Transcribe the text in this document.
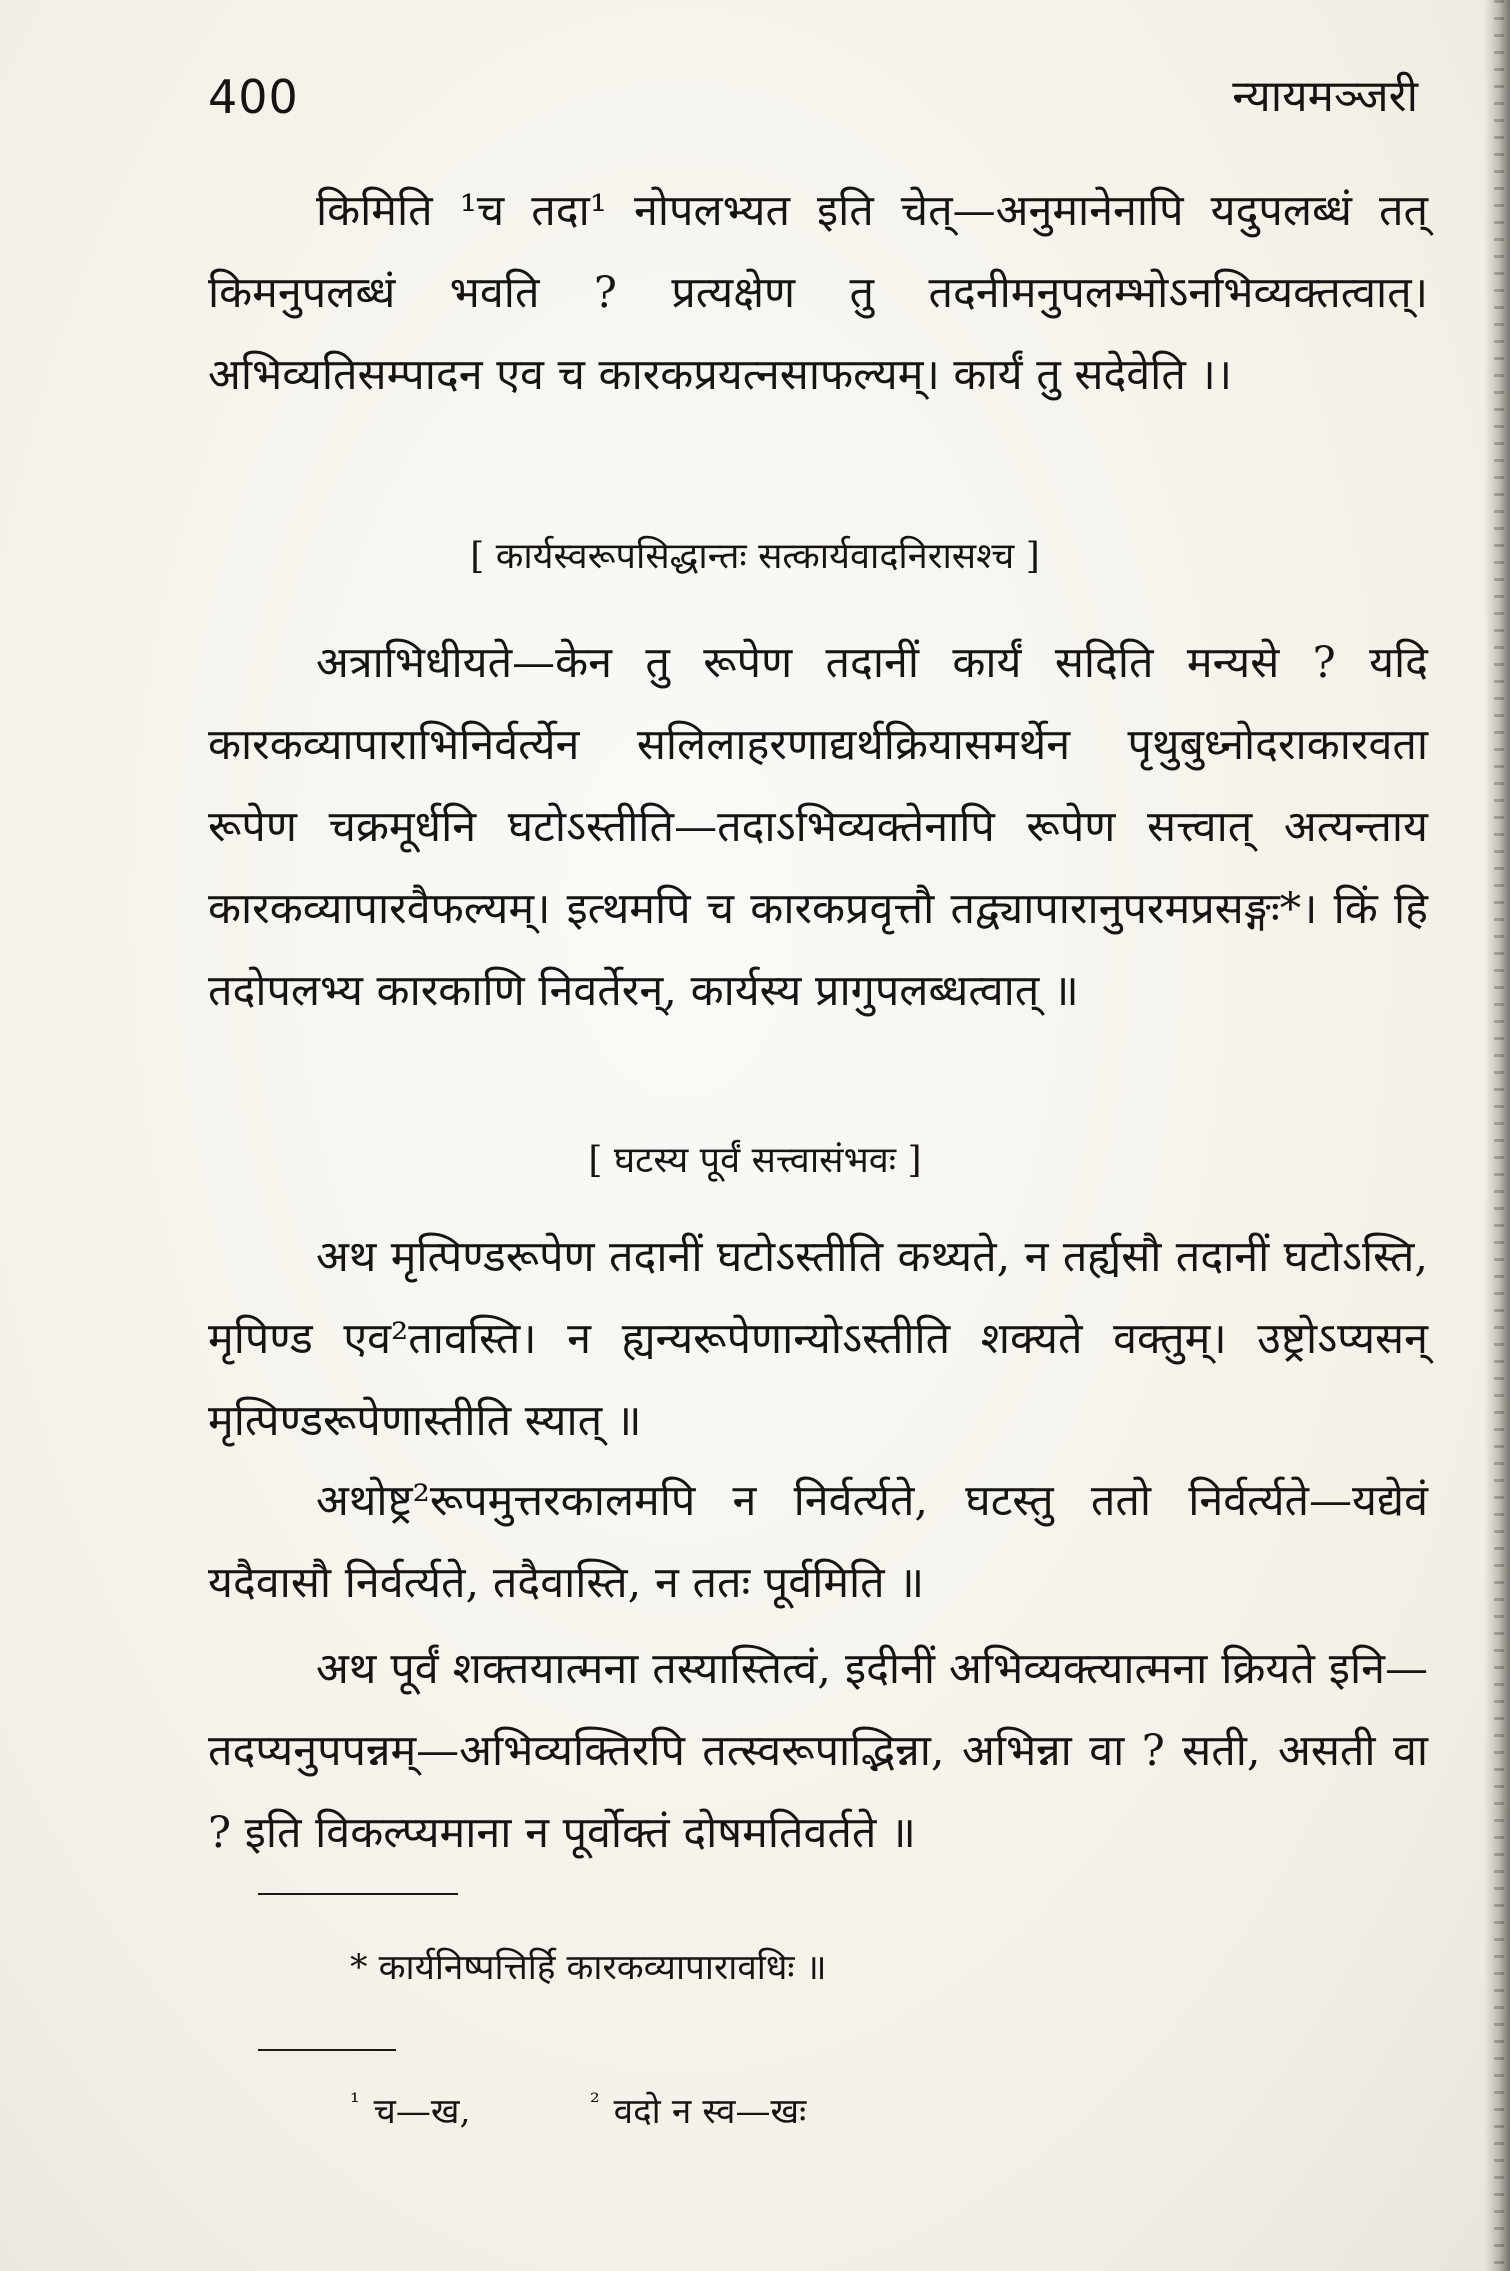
400	न्यायमञ्जरी

किमिति ¹च तदा¹ नोपलभ्यत इति चेत्—अनुमानेनापि यदुपलब्धं तत् किमनुपलब्धं भवति ? प्रत्यक्षेण तु तदनीमनुपलम्भोऽनभिव्यक्तत्वात्। अभिव्यतिसम्पादन एव च कारकप्रयत्नसाफल्यम्। कार्यं तु सदेवेति ।।

[ कार्यस्वरूपसिद्धान्तः सत्कार्यवादनिरासश्च ]

अत्राभिधीयते—केन तु रूपेण तदानीं कार्यं सदिति मन्यसे ? यदि कारकव्यापाराभिनिर्वर्त्येन सलिलाहरणाद्यर्थक्रियासमर्थेन पृथुबुध्नोदराकारवता रूपेण चक्रमूर्धनि घटोऽस्तीति—तदाऽभिव्यक्तेनापि रूपेण सत्त्वात् अत्यन्ताय कारकव्यापारवैफल्यम्। इत्थमपि च कारकप्रवृत्तौ तद्व्यापारानुपरमप्रसङ्गः*। किं हि तदोपलभ्य कारकाणि निवर्तेरन्, कार्यस्य प्रागुपलब्धत्वात् ॥

[ घटस्य पूर्वं सत्त्वासंभवः ]

अथ मृत्पिण्डरूपेण तदानीं घटोऽस्तीति कथ्यते, न तर्ह्यसौ तदानीं घटोऽस्ति, मृपिण्ड एव²तावस्ति। न ह्यन्यरूपेणान्योऽस्तीति शक्यते वक्तुम्। उष्ट्रोऽप्यसन् मृत्पिण्डरूपेणास्तीति स्यात् ॥

अथोष्ट्र²रूपमुत्तरकालमपि न निर्वर्त्यते, घटस्तु ततो निर्वर्त्यते—यद्येवं यदैवासौ निर्वर्त्यते, तदैवास्ति, न ततः पूर्वमिति ॥

अथ पूर्वं शक्तयात्मना तस्यास्तित्वं, इदीनीं अभिव्यक्त्यात्मना क्रियते इनि—तदप्यनुपपन्नम्—अभिव्यक्तिरपि तत्स्वरूपाद्भिन्ना, अभिन्ना वा ? सती, असती वा ? इति विकल्प्यमाना न पूर्वोक्तं दोषमतिवर्तते ॥

* कार्यनिष्पत्तिर्हि कारकव्यापारावधिः ॥

$^{^1}$ च—ख,	$^{^2}$ वदो न स्व—खः
